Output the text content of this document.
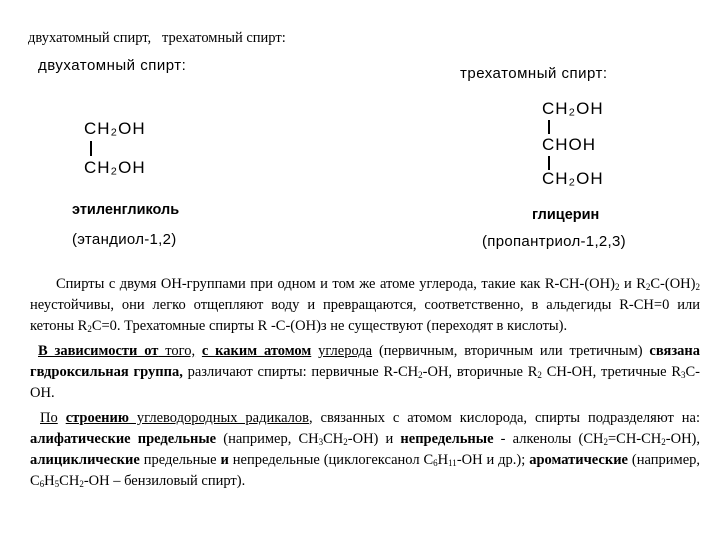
двухатомный спирт,   трехатомный спирт:
двухатомный спирт:
CH₂OH
CH₂OH
этиленгликоль
(этандиол-1,2)
трехатомный спирт:
CH₂OH
CHOH
CH₂OH
глицерин
(пропантриол-1,2,3)

Спирты с двумя OH-группами при одном и том же атоме углерода, такие как $R-CH-(OH)_2$ и $R_2C-(OH)_2$ неустойчивы, они легко отщепляют воду и превращаются, соответственно, в альдегиды R-CH=0 или кетоны $R_2C=0$. Трехатомные спирты R -C-(OH)з не существуют (переходят в кислоты).

В зависимости от того, с каким атомом углерода (первичным, вторичным или третичным) связана гвдроксильная группа, различают спирты: первичные $R-CH_2-OH$, вторичные $R_2$ CH-OH, третичные $R_3C-OH$.

По строению углеводородных радикалов, связанных с атомом кислорода, спирты подразделяют на: алифатические предельные (например, $CH_3CH_2-OH$) и непредельные - алкенолы $(CH_2=CH-CH_2-OH)$, алициклические предельные и непредельные (циклогексанол $C_6H_{11}-OH$ и др.); ароматические (например, $C_6H_5CH_2-OH$ – бензиловый спирт).
